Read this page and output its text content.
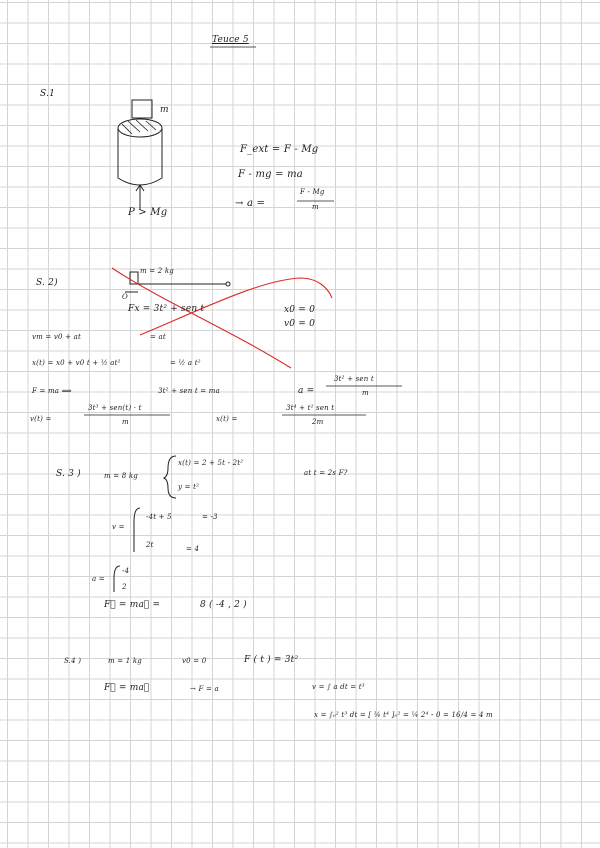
Teuce 5
S.1
m
P > Mg
F_ext = F - Mg
F - mg = ma
→ a =
F - Mg
m
S. 2)
m = 2 kg
O
Fx = 3t² + sen t	x0 = 0
v0 = 0
vm = v0 + at	= at
x(t) = x0 + v0 t + ½ at²	= ½ a t²
F = ma ⟹	3t² + sen t = ma	a =
3t² + sen t
m
v(t) =
3t³ + sen(t) · t
m	x(t) =
3t⁴ + t² sen t
2m
S. 3 )	m = 8 kg
x(t) = 2 + 5t - 2t²
y = t²
at t = 2s F?
v =
-4t + 5	= -3
2t	= 4
a =
-4
2
F⃗ = ma⃗ =	8 ( -4 , 2 )
S.4 )	m = 1 kg	v0 = 0	F ( t ) = 3t²
F⃗ = ma⃗	→ F = a	v = ∫ a dt = t³
x = ∫₀² t³ dt = [ ¼ t⁴ ]₀² = ¼ 2⁴ - 0 = 16/4 = 4 m
